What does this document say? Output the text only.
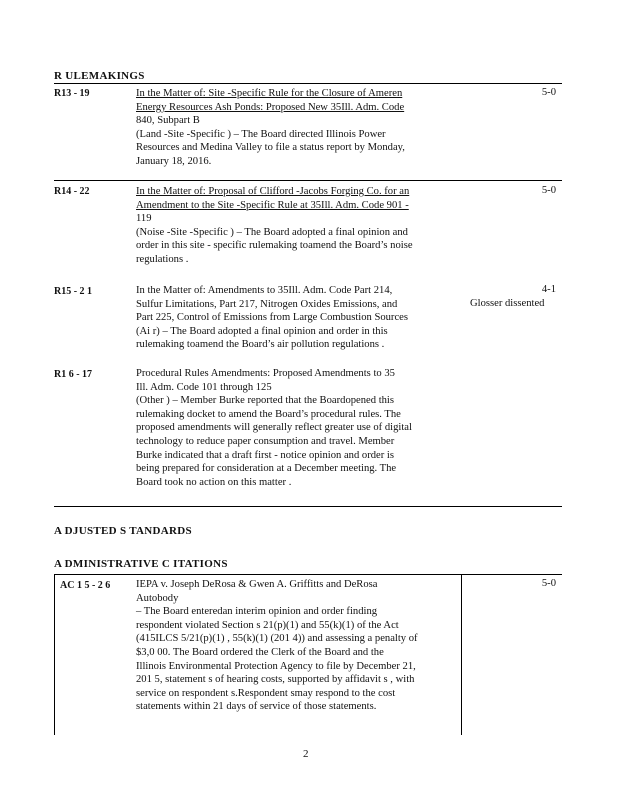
R ULEMAKINGS
R13 - 19	In the Matter of: Site -Specific Rule for the Closure of Ameren
Energy Resources Ash Ponds: Proposed New 35Ill. Adm. Code
840, Subpart B
(Land -Site -Specific ) – The Board directed Illinois Power
Resources and Medina Valley to file a status report by Monday,
January 18, 2016.
5-0
R14 - 22	In the Matter of: Proposal of Clifford -Jacobs Forging Co. for an
Amendment to the Site -Specific Rule at 35Ill. Adm. Code 901 -
119
(Noise -Site -Specific ) – The Board adopted a final opinion and
order in this site - specific rulemaking toamend the Board’s noise
regulations .
5-0
R15 - 2 1	In the Matter of: Amendments to 35Ill. Adm. Code Part 214,
Sulfur Limitations, Part 217, Nitrogen Oxides Emissions, and
Part 225, Control of Emissions from Large Combustion Sources
(Ai r) – The Board adopted a final opinion and order in this
rulemaking toamend the Board’s air pollution regulations .
4-1
Glosser dissented
R1 6 - 17	Procedural Rules Amendments: Proposed Amendments to 35
Ill. Adm. Code 101 through 125
(Other ) – Member Burke reported that the Boardopened this
rulemaking docket to amend the Board’s procedural rules. The
proposed amendments will generally reflect greater use of digital
technology to reduce paper consumption and travel. Member
Burke indicated that a draft first - notice opinion and order is
being prepared for consideration at a December meeting. The
Board took no action on this matter .
A DJUSTED S TANDARDS
A DMINISTRATIVE C ITATIONS
AC 1 5 - 2 6 IEPA v. Joseph DeRosa & Gwen A. Griffitts and DeRosa
Autobody
– The Board enteredan interim opinion and order finding
respondent violated Section s 21(p)(1) and 55(k)(1) of the Act
(415ILCS 5/21(p)(1) , 55(k)(1) (201 4)) and assessing a penalty of
$3,0 00. The Board ordered the Clerk of the Board and the
Illinois Environmental Protection Agency to file by December 21,
201 5, statement s of hearing costs, supported by affidavit s , with
service on respondent s.Respondent smay respond to the cost
statements within 21 days of service of those statements.
5-0
2
